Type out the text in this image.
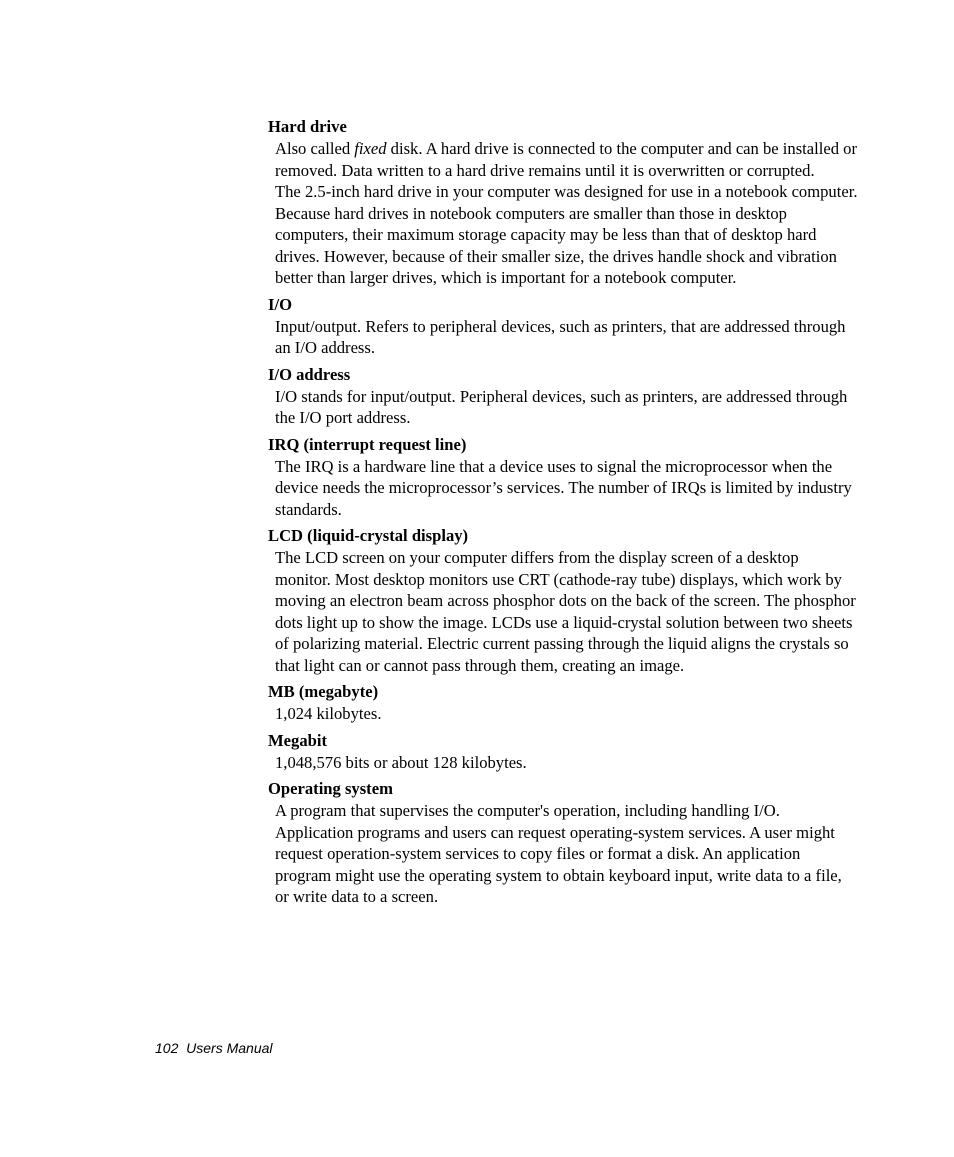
Hard drive

Also called fixed disk. A hard drive is connected to the computer and can be installed or removed. Data written to a hard drive remains until it is overwritten or corrupted.

The 2.5-inch hard drive in your computer was designed for use in a notebook computer. Because hard drives in notebook computers are smaller than those in desktop computers, their maximum storage capacity may be less than that of desktop hard drives. However, because of their smaller size, the drives handle shock and vibration better than larger drives, which is important for a notebook computer.

I/O

Input/output. Refers to peripheral devices, such as printers, that are addressed through an I/O address.

I/O address

I/O stands for input/output. Peripheral devices, such as printers, are addressed through the I/O port address.

IRQ (interrupt request line)

The IRQ is a hardware line that a device uses to signal the microprocessor when the device needs the microprocessor’s services. The number of IRQs is limited by industry standards.

LCD (liquid-crystal display)

The LCD screen on your computer differs from the display screen of a desktop monitor. Most desktop monitors use CRT (cathode-ray tube) displays, which work by moving an electron beam across phosphor dots on the back of the screen. The phosphor dots light up to show the image. LCDs use a liquid-crystal solution between two sheets of polarizing material. Electric current passing through the liquid aligns the crystals so that light can or cannot pass through them, creating an image.

MB (megabyte)

1,024 kilobytes.

Megabit

1,048,576 bits or about 128 kilobytes.

Operating system

A program that supervises the computer's operation, including handling I/O. Application programs and users can request operating-system services. A user might request operation-system services to copy files or format a disk. An application program might use the operating system to obtain keyboard input, write data to a file, or write data to a screen.

102 Users Manual
